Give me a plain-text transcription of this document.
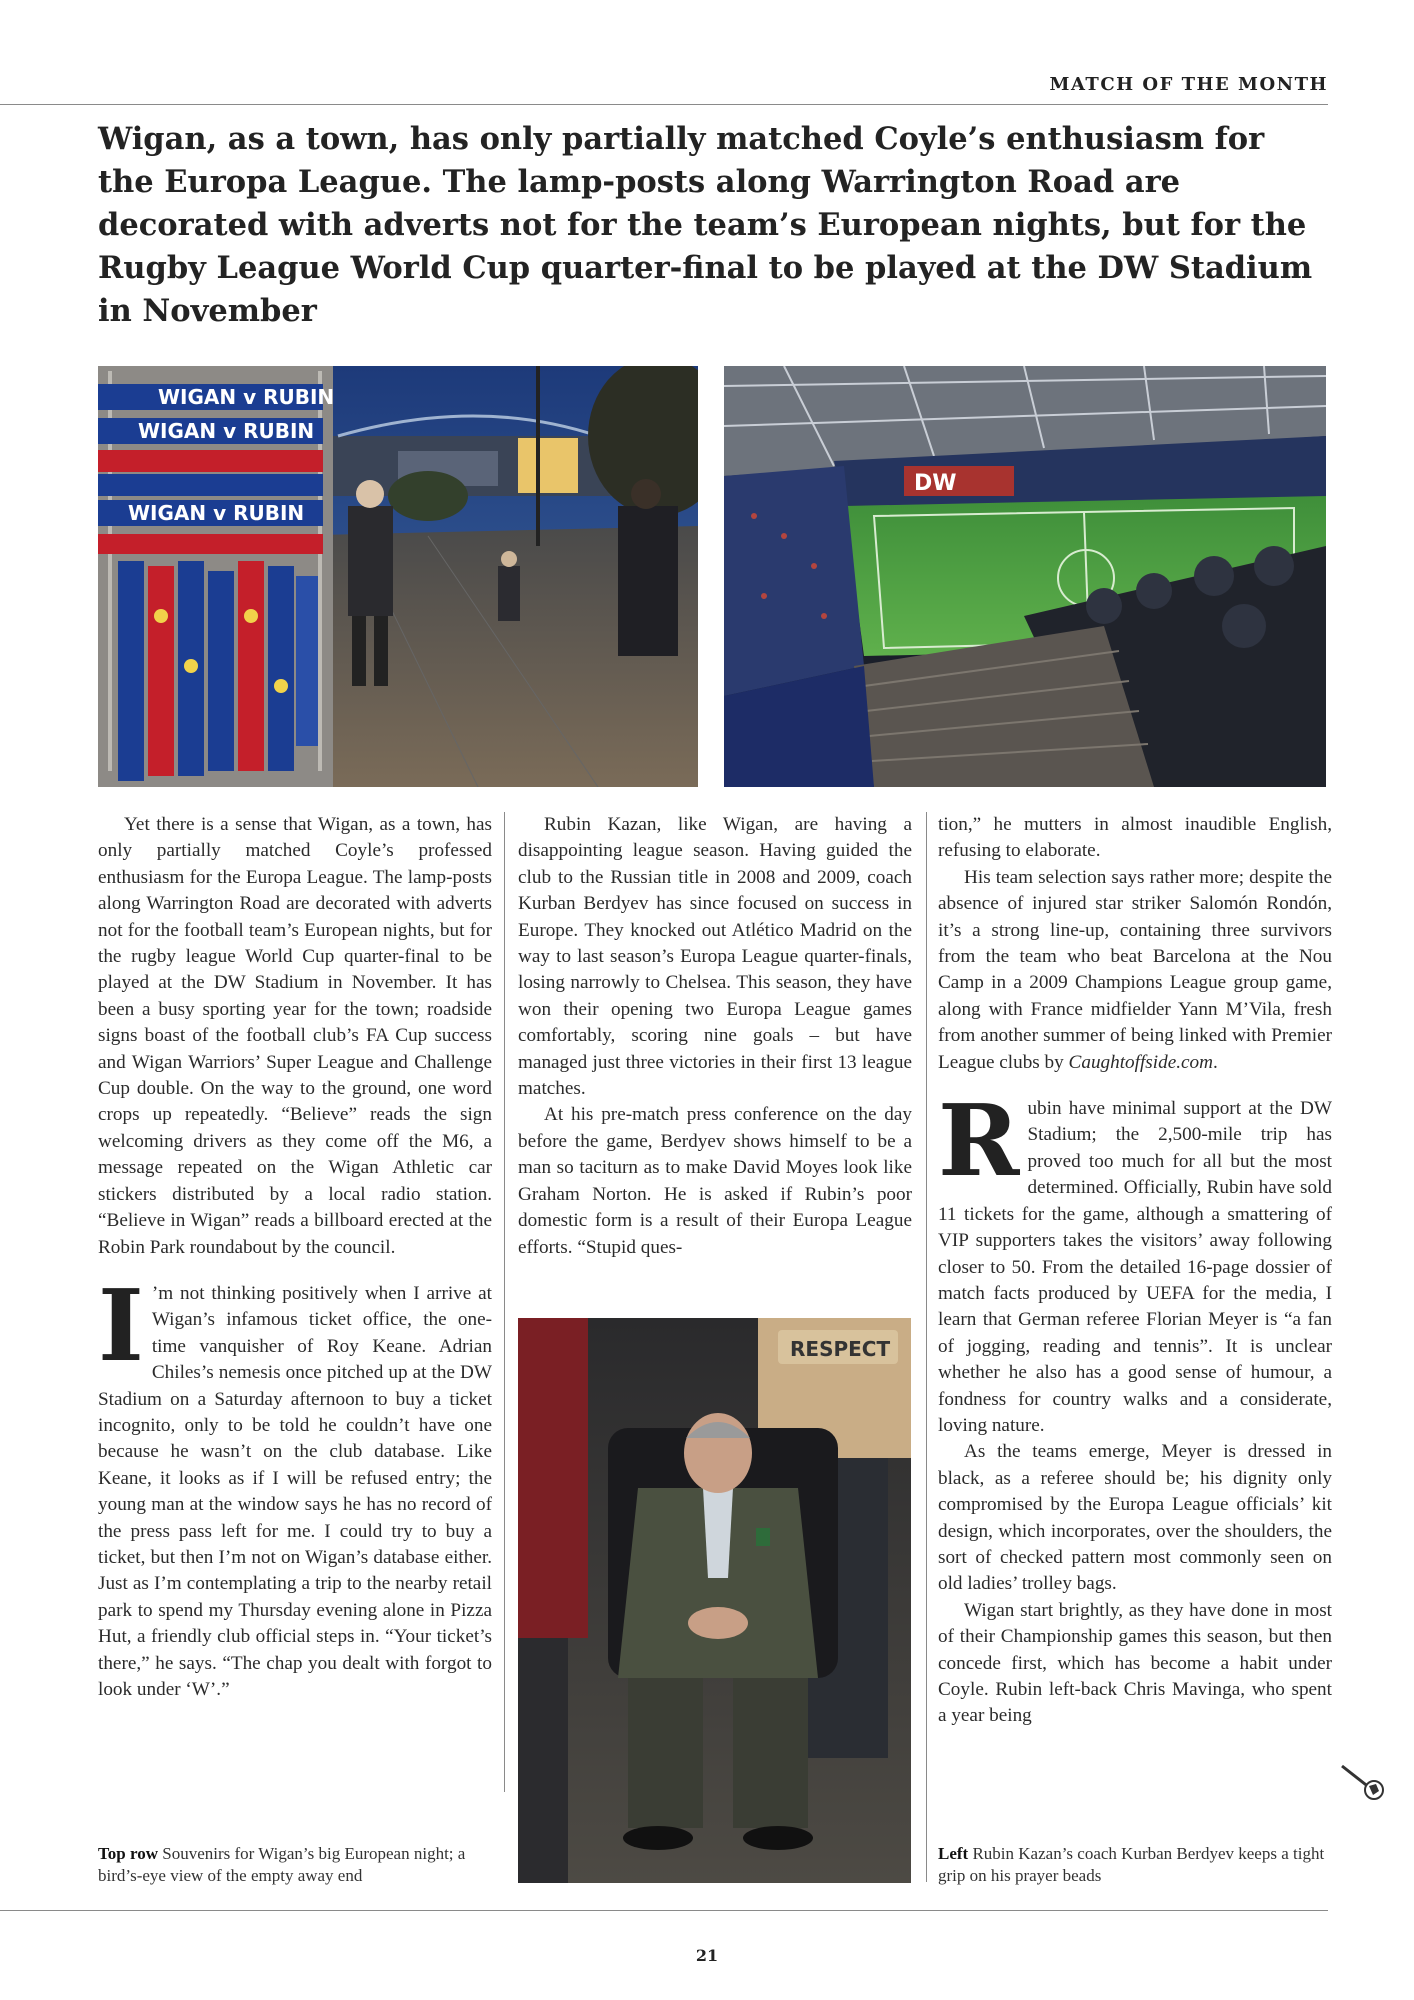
MATCH OF THE MONTH
Wigan, as a town, has only partially matched Coyle’s enthusiasm for the Europa League. The lamp-posts along Warrington Road are decorated with adverts not for the team’s European nights, but for the Rugby League World Cup quarter-final to be played at the DW Stadium in November
WIGAN v RUBIN
WIGAN v RUBIN
WIGAN v RUBIN
DW

Yet there is a sense that Wigan, as a town, has only partially matched Coyle’s professed enthusiasm for the Europa League. The lamp-posts along Warrington Road are decorated with adverts not for the football team’s European nights, but for the rugby league World Cup quarter-final to be played at the DW Stadium in November. It has been a busy sporting year for the town; roadside signs boast of the football club’s FA Cup success and Wigan Warriors’ Super League and Challenge Cup double. On the way to the ground, one word crops up repeatedly. “Believe” reads the sign welcoming drivers as they come off the M6, a message repeated on the Wigan Athletic car stickers distributed by a local radio station. “Believe in Wigan” reads a billboard erected at the Robin Park roundabout by the council.

I ’m not thinking positively when I arrive at Wigan’s infamous ticket office, the one-time vanquisher of Roy Keane. Adrian Chiles’s nemesis once pitched up at the DW Stadium on a Saturday afternoon to buy a ticket incognito, only to be told he couldn’t have one because he wasn’t on the club database. Like Keane, it looks as if I will be refused entry; the young man at the window says he has no record of the press pass left for me. I could try to buy a ticket, but then I’m not on Wigan’s database either. Just as I’m contemplating a trip to the nearby retail park to spend my Thursday evening alone in Pizza Hut, a friendly club official steps in. “Your ticket’s there,” he says. “The chap you dealt with forgot to look under ‘W’.”

Rubin Kazan, like Wigan, are having a disappointing league season. Having guided the club to the Russian title in 2008 and 2009, coach Kurban Berdyev has since focused on success in Europe. They knocked out Atlético Madrid on the way to last season’s Europa League quarter-finals, losing narrowly to Chelsea. This season, they have won their opening two Europa League games comfortably, scoring nine goals – but have managed just three victories in their first 13 league matches.

At his pre-match press conference on the day before the game, Berdyev shows himself to be a man so taciturn as to make David Moyes look like Graham Norton. He is asked if Rubin’s poor domestic form is a result of their Europa League efforts. “Stupid ques-

RESPECT

tion,” he mutters in almost inaudible English, refusing to elaborate.

His team selection says rather more; despite the absence of injured star striker Salomón Rondón, it’s a strong line-up, containing three survivors from the team who beat Barcelona at the Nou Camp in a 2009 Champions League group game, along with France midfielder Yann M’Vila, fresh from another summer of being linked with Premier League clubs by Caughtoffside.com.

Rubin have minimal support at the DW Stadium; the 2,500-mile trip has proved too much for all but the most determined. Officially, Rubin have sold 11 tickets for the game, although a smattering of VIP supporters takes the visitors’ away following closer to 50. From the detailed 16-page dossier of match facts produced by UEFA for the media, I learn that German referee Florian Meyer is “a fan of jogging, reading and tennis”. It is unclear whether he also has a good sense of humour, a fondness for country walks and a considerate, loving nature.

As the teams emerge, Meyer is dressed in black, as a referee should be; his dignity only compromised by the Europa League officials’ kit design, which incorporates, over the shoulders, the sort of checked pattern most commonly seen on old ladies’ trolley bags.

Wigan start brightly, as they have done in most of their Championship games this season, but then concede first, which has become a habit under Coyle. Rubin left-back Chris Mavinga, who spent a year being

Top row Souvenirs for Wigan’s big European night; a bird’s-eye view of the empty away end
Left Rubin Kazan’s coach Kurban Berdyev keeps a tight grip on his prayer beads
21
